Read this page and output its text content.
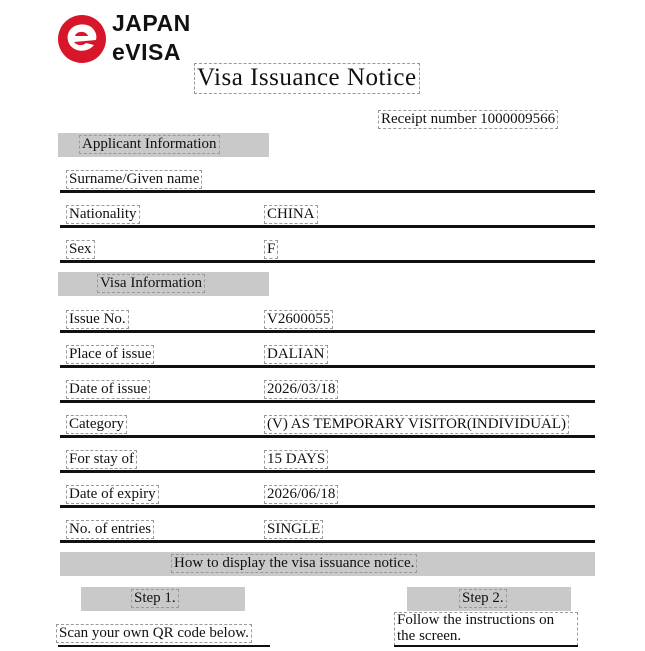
JAPAN
eVISA
Visa Issuance Notice
Receipt number 1000009566
Applicant Information
Surname/Given name
Nationality	CHINA
Sex	F
Visa Information
Issue No.	V2600055
Place of issue	DALIAN
Date of issue	2026/03/18
Category	(V) AS TEMPORARY VISITOR(INDIVIDUAL)
For stay of	15 DAYS
Date of expiry	2026/06/18
No. of entries	SINGLE
How to display the visa issuance notice.
Step 1.	Step 2.
Scan your own QR code below.
Follow the instructions on the screen.
